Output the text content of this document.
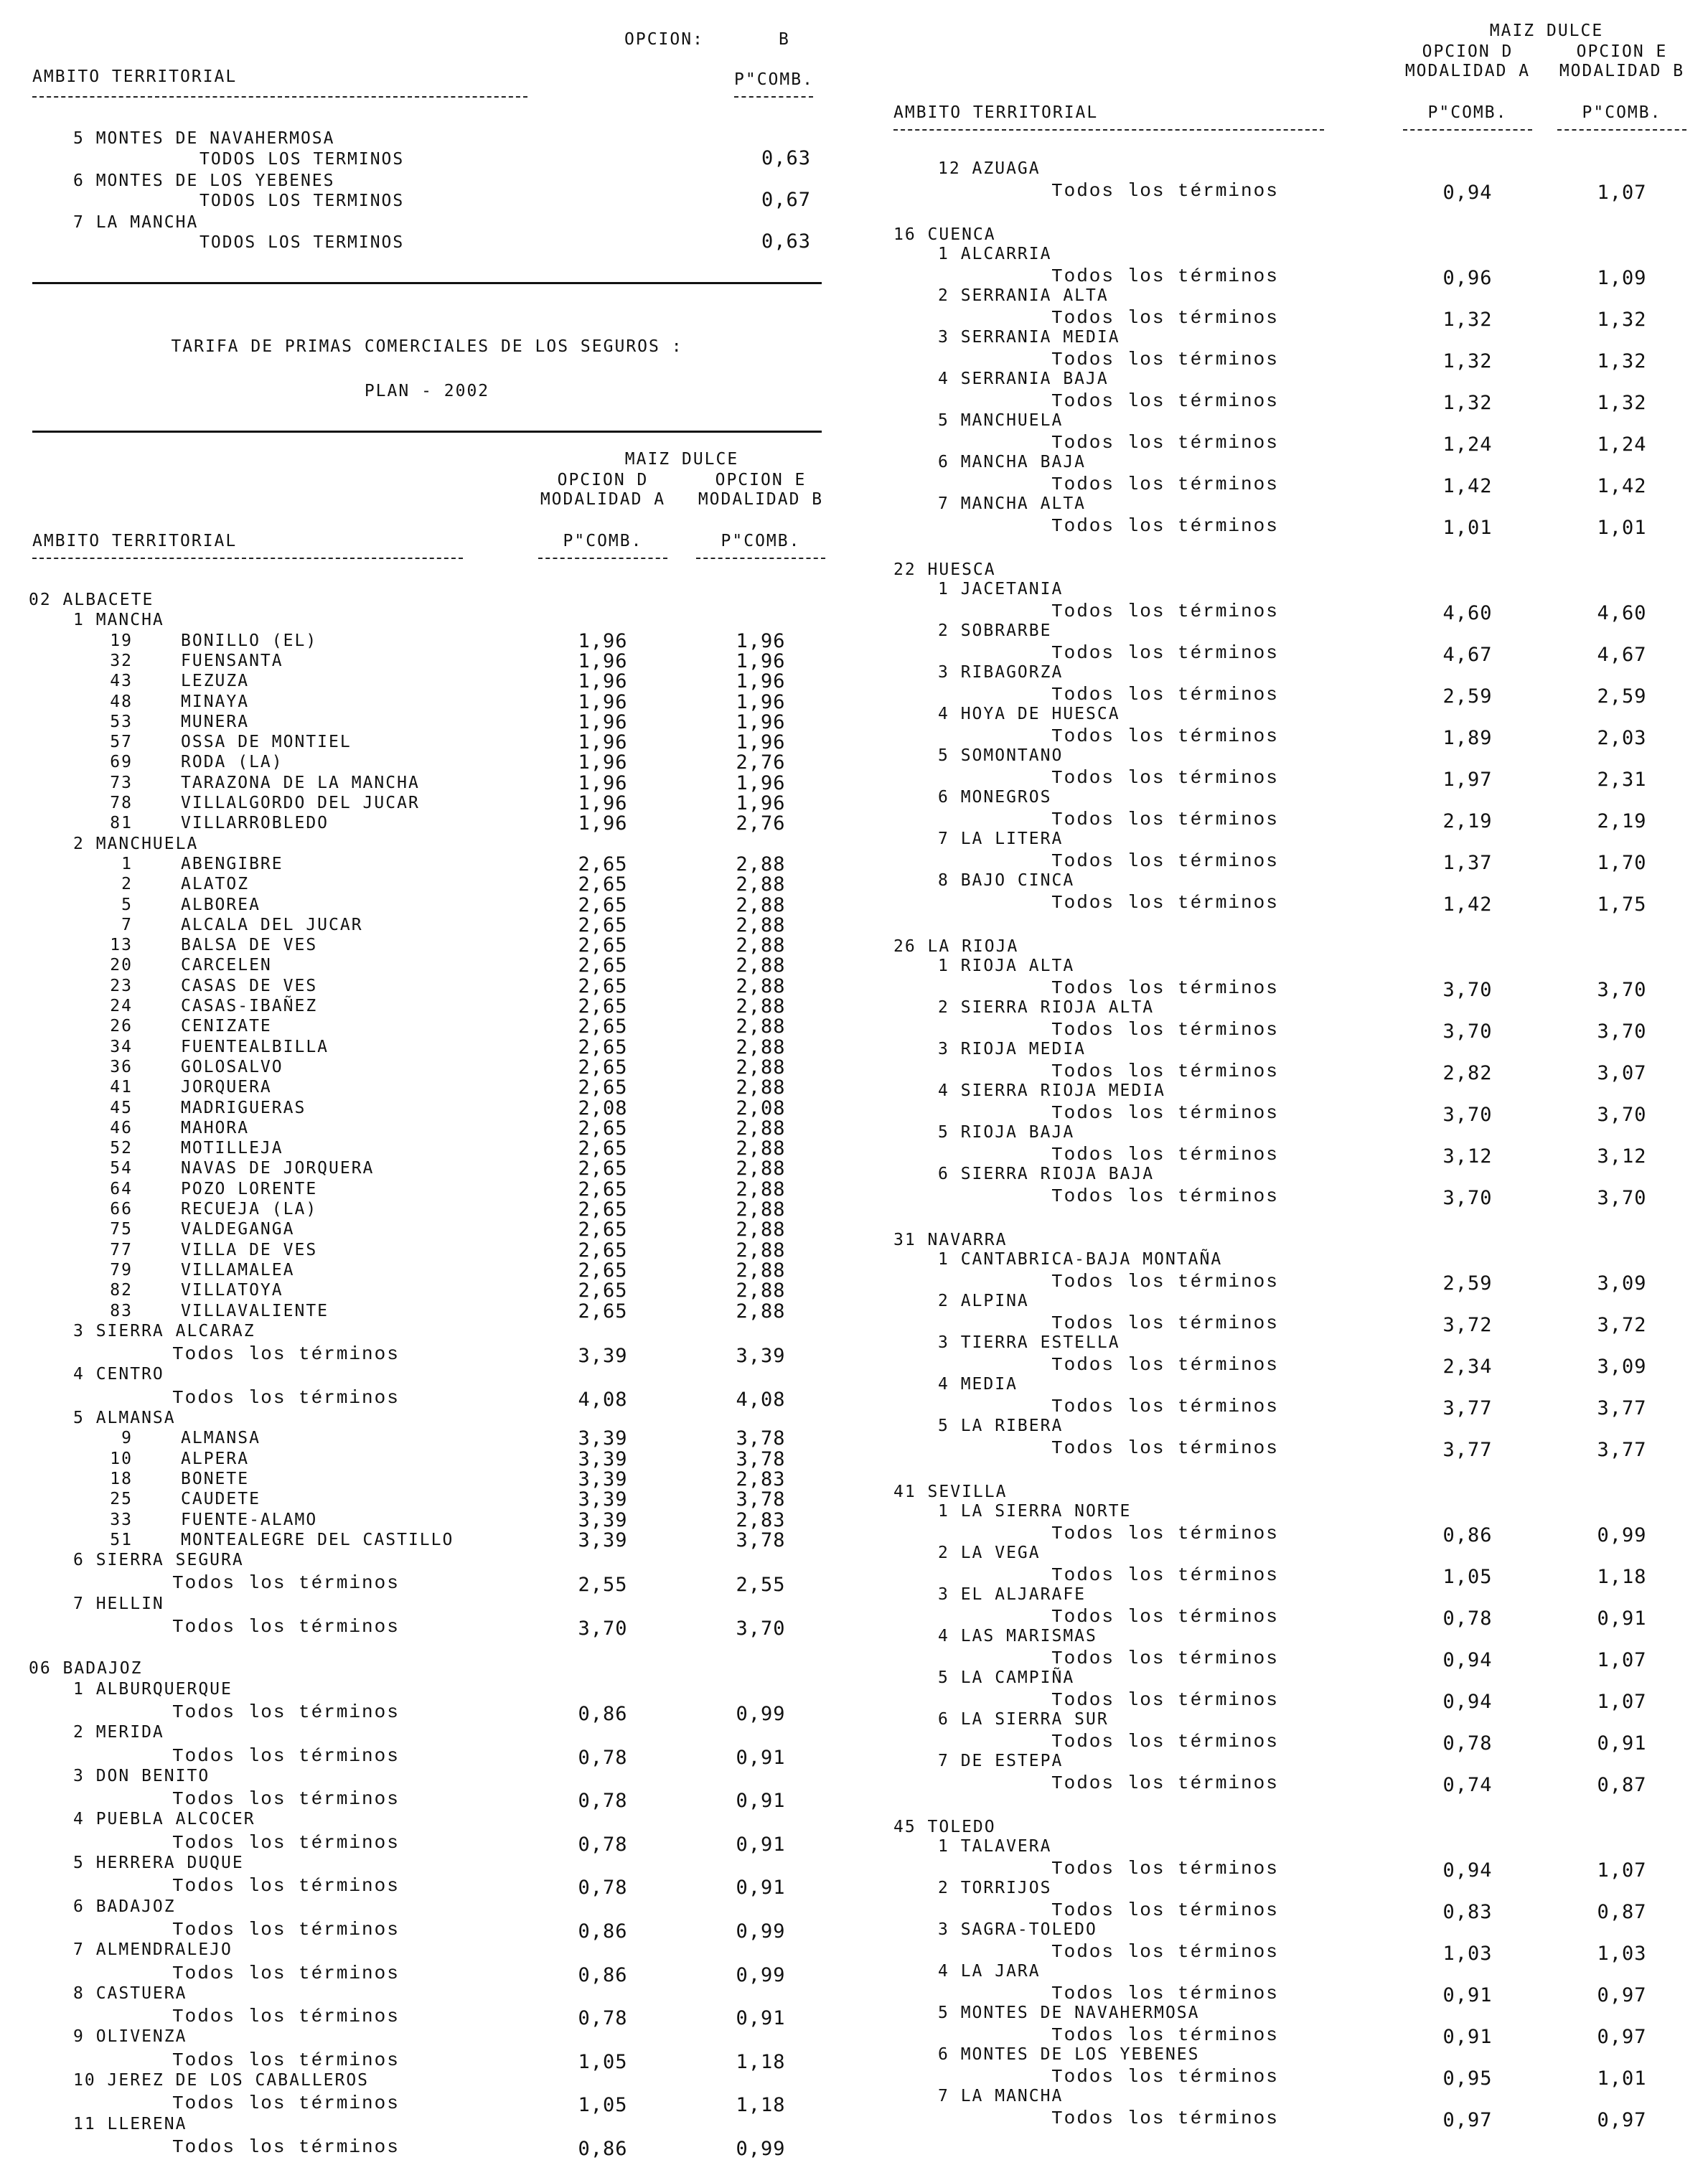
OPCION:	B
AMBITO TERRITORIAL	P"COMB.
5 MONTES DE NAVAHERMOSA
TODOS LOS TERMINOS	0,63
6 MONTES DE LOS YEBENES
TODOS LOS TERMINOS	0,67
7 LA MANCHA
TODOS LOS TERMINOS	0,63
TARIFA DE PRIMAS COMERCIALES DE LOS SEGUROS :
PLAN - 2002
MAIZ DULCE
OPCION D	OPCION E
MODALIDAD A	MODALIDAD B
AMBITO TERRITORIAL	P"COMB.	P"COMB.
02 ALBACETE
1 MANCHA
19	BONILLO (EL)	1,96	1,96
32	FUENSANTA	1,96	1,96
43	LEZUZA	1,96	1,96
48	MINAYA	1,96	1,96
53	MUNERA	1,96	1,96
57	OSSA DE MONTIEL	1,96	1,96
69	RODA (LA)	1,96	2,76
73	TARAZONA DE LA MANCHA	1,96	1,96
78	VILLALGORDO DEL JUCAR	1,96	1,96
81	VILLARROBLEDO	1,96	2,76
2 MANCHUELA
1	ABENGIBRE	2,65	2,88
2	ALATOZ	2,65	2,88
5	ALBOREA	2,65	2,88
7	ALCALA DEL JUCAR	2,65	2,88
13	BALSA DE VES	2,65	2,88
20	CARCELEN	2,65	2,88
23	CASAS DE VES	2,65	2,88
24	CASAS-IBAÑEZ	2,65	2,88
26	CENIZATE	2,65	2,88
34	FUENTEALBILLA	2,65	2,88
36	GOLOSALVO	2,65	2,88
41	JORQUERA	2,65	2,88
45	MADRIGUERAS	2,08	2,08
46	MAHORA	2,65	2,88
52	MOTILLEJA	2,65	2,88
54	NAVAS DE JORQUERA	2,65	2,88
64	POZO LORENTE	2,65	2,88
66	RECUEJA (LA)	2,65	2,88
75	VALDEGANGA	2,65	2,88
77	VILLA DE VES	2,65	2,88
79	VILLAMALEA	2,65	2,88
82	VILLATOYA	2,65	2,88
83	VILLAVALIENTE	2,65	2,88
3 SIERRA ALCARAZ
Todos los términos	3,39	3,39
4 CENTRO
Todos los términos	4,08	4,08
5 ALMANSA
9	ALMANSA	3,39	3,78
10	ALPERA	3,39	3,78
18	BONETE	3,39	2,83
25	CAUDETE	3,39	3,78
33	FUENTE-ALAMO	3,39	2,83
51	MONTEALEGRE DEL CASTILLO	3,39	3,78
6 SIERRA SEGURA
Todos los términos	2,55	2,55
7 HELLIN
Todos los términos	3,70	3,70
06 BADAJOZ
1 ALBURQUERQUE
Todos los términos	0,86	0,99
2 MERIDA
Todos los términos	0,78	0,91
3 DON BENITO
Todos los términos	0,78	0,91
4 PUEBLA ALCOCER
Todos los términos	0,78	0,91
5 HERRERA DUQUE
Todos los términos	0,78	0,91
6 BADAJOZ
Todos los términos	0,86	0,99
7 ALMENDRALEJO
Todos los términos	0,86	0,99
8 CASTUERA
Todos los términos	0,78	0,91
9 OLIVENZA
Todos los términos	1,05	1,18
10 JEREZ DE LOS CABALLEROS
Todos los términos	1,05	1,18
11 LLERENA
Todos los términos	0,86	0,99
MAIZ DULCE
OPCION D	OPCION E
MODALIDAD A	MODALIDAD B
AMBITO TERRITORIAL	P"COMB.	P"COMB.
12 AZUAGA
Todos los términos	0,94	1,07
16 CUENCA
1 ALCARRIA
Todos los términos	0,96	1,09
2 SERRANIA ALTA
Todos los términos	1,32	1,32
3 SERRANIA MEDIA
Todos los términos	1,32	1,32
4 SERRANIA BAJA
Todos los términos	1,32	1,32
5 MANCHUELA
Todos los términos	1,24	1,24
6 MANCHA BAJA
Todos los términos	1,42	1,42
7 MANCHA ALTA
Todos los términos	1,01	1,01
22 HUESCA
1 JACETANIA
Todos los términos	4,60	4,60
2 SOBRARBE
Todos los términos	4,67	4,67
3 RIBAGORZA
Todos los términos	2,59	2,59
4 HOYA DE HUESCA
Todos los términos	1,89	2,03
5 SOMONTANO
Todos los términos	1,97	2,31
6 MONEGROS
Todos los términos	2,19	2,19
7 LA LITERA
Todos los términos	1,37	1,70
8 BAJO CINCA
Todos los términos	1,42	1,75
26 LA RIOJA
1 RIOJA ALTA
Todos los términos	3,70	3,70
2 SIERRA RIOJA ALTA
Todos los términos	3,70	3,70
3 RIOJA MEDIA
Todos los términos	2,82	3,07
4 SIERRA RIOJA MEDIA
Todos los términos	3,70	3,70
5 RIOJA BAJA
Todos los términos	3,12	3,12
6 SIERRA RIOJA BAJA
Todos los términos	3,70	3,70
31 NAVARRA
1 CANTABRICA-BAJA MONTAÑA
Todos los términos	2,59	3,09
2 ALPINA
Todos los términos	3,72	3,72
3 TIERRA ESTELLA
Todos los términos	2,34	3,09
4 MEDIA
Todos los términos	3,77	3,77
5 LA RIBERA
Todos los términos	3,77	3,77
41 SEVILLA
1 LA SIERRA NORTE
Todos los términos	0,86	0,99
2 LA VEGA
Todos los términos	1,05	1,18
3 EL ALJARAFE
Todos los términos	0,78	0,91
4 LAS MARISMAS
Todos los términos	0,94	1,07
5 LA CAMPIÑA
Todos los términos	0,94	1,07
6 LA SIERRA SUR
Todos los términos	0,78	0,91
7 DE ESTEPA
Todos los términos	0,74	0,87
45 TOLEDO
1 TALAVERA
Todos los términos	0,94	1,07
2 TORRIJOS
Todos los términos	0,83	0,87
3 SAGRA-TOLEDO
Todos los términos	1,03	1,03
4 LA JARA
Todos los términos	0,91	0,97
5 MONTES DE NAVAHERMOSA
Todos los términos	0,91	0,97
6 MONTES DE LOS YEBENES
Todos los términos	0,95	1,01
7 LA MANCHA
Todos los términos	0,97	0,97
